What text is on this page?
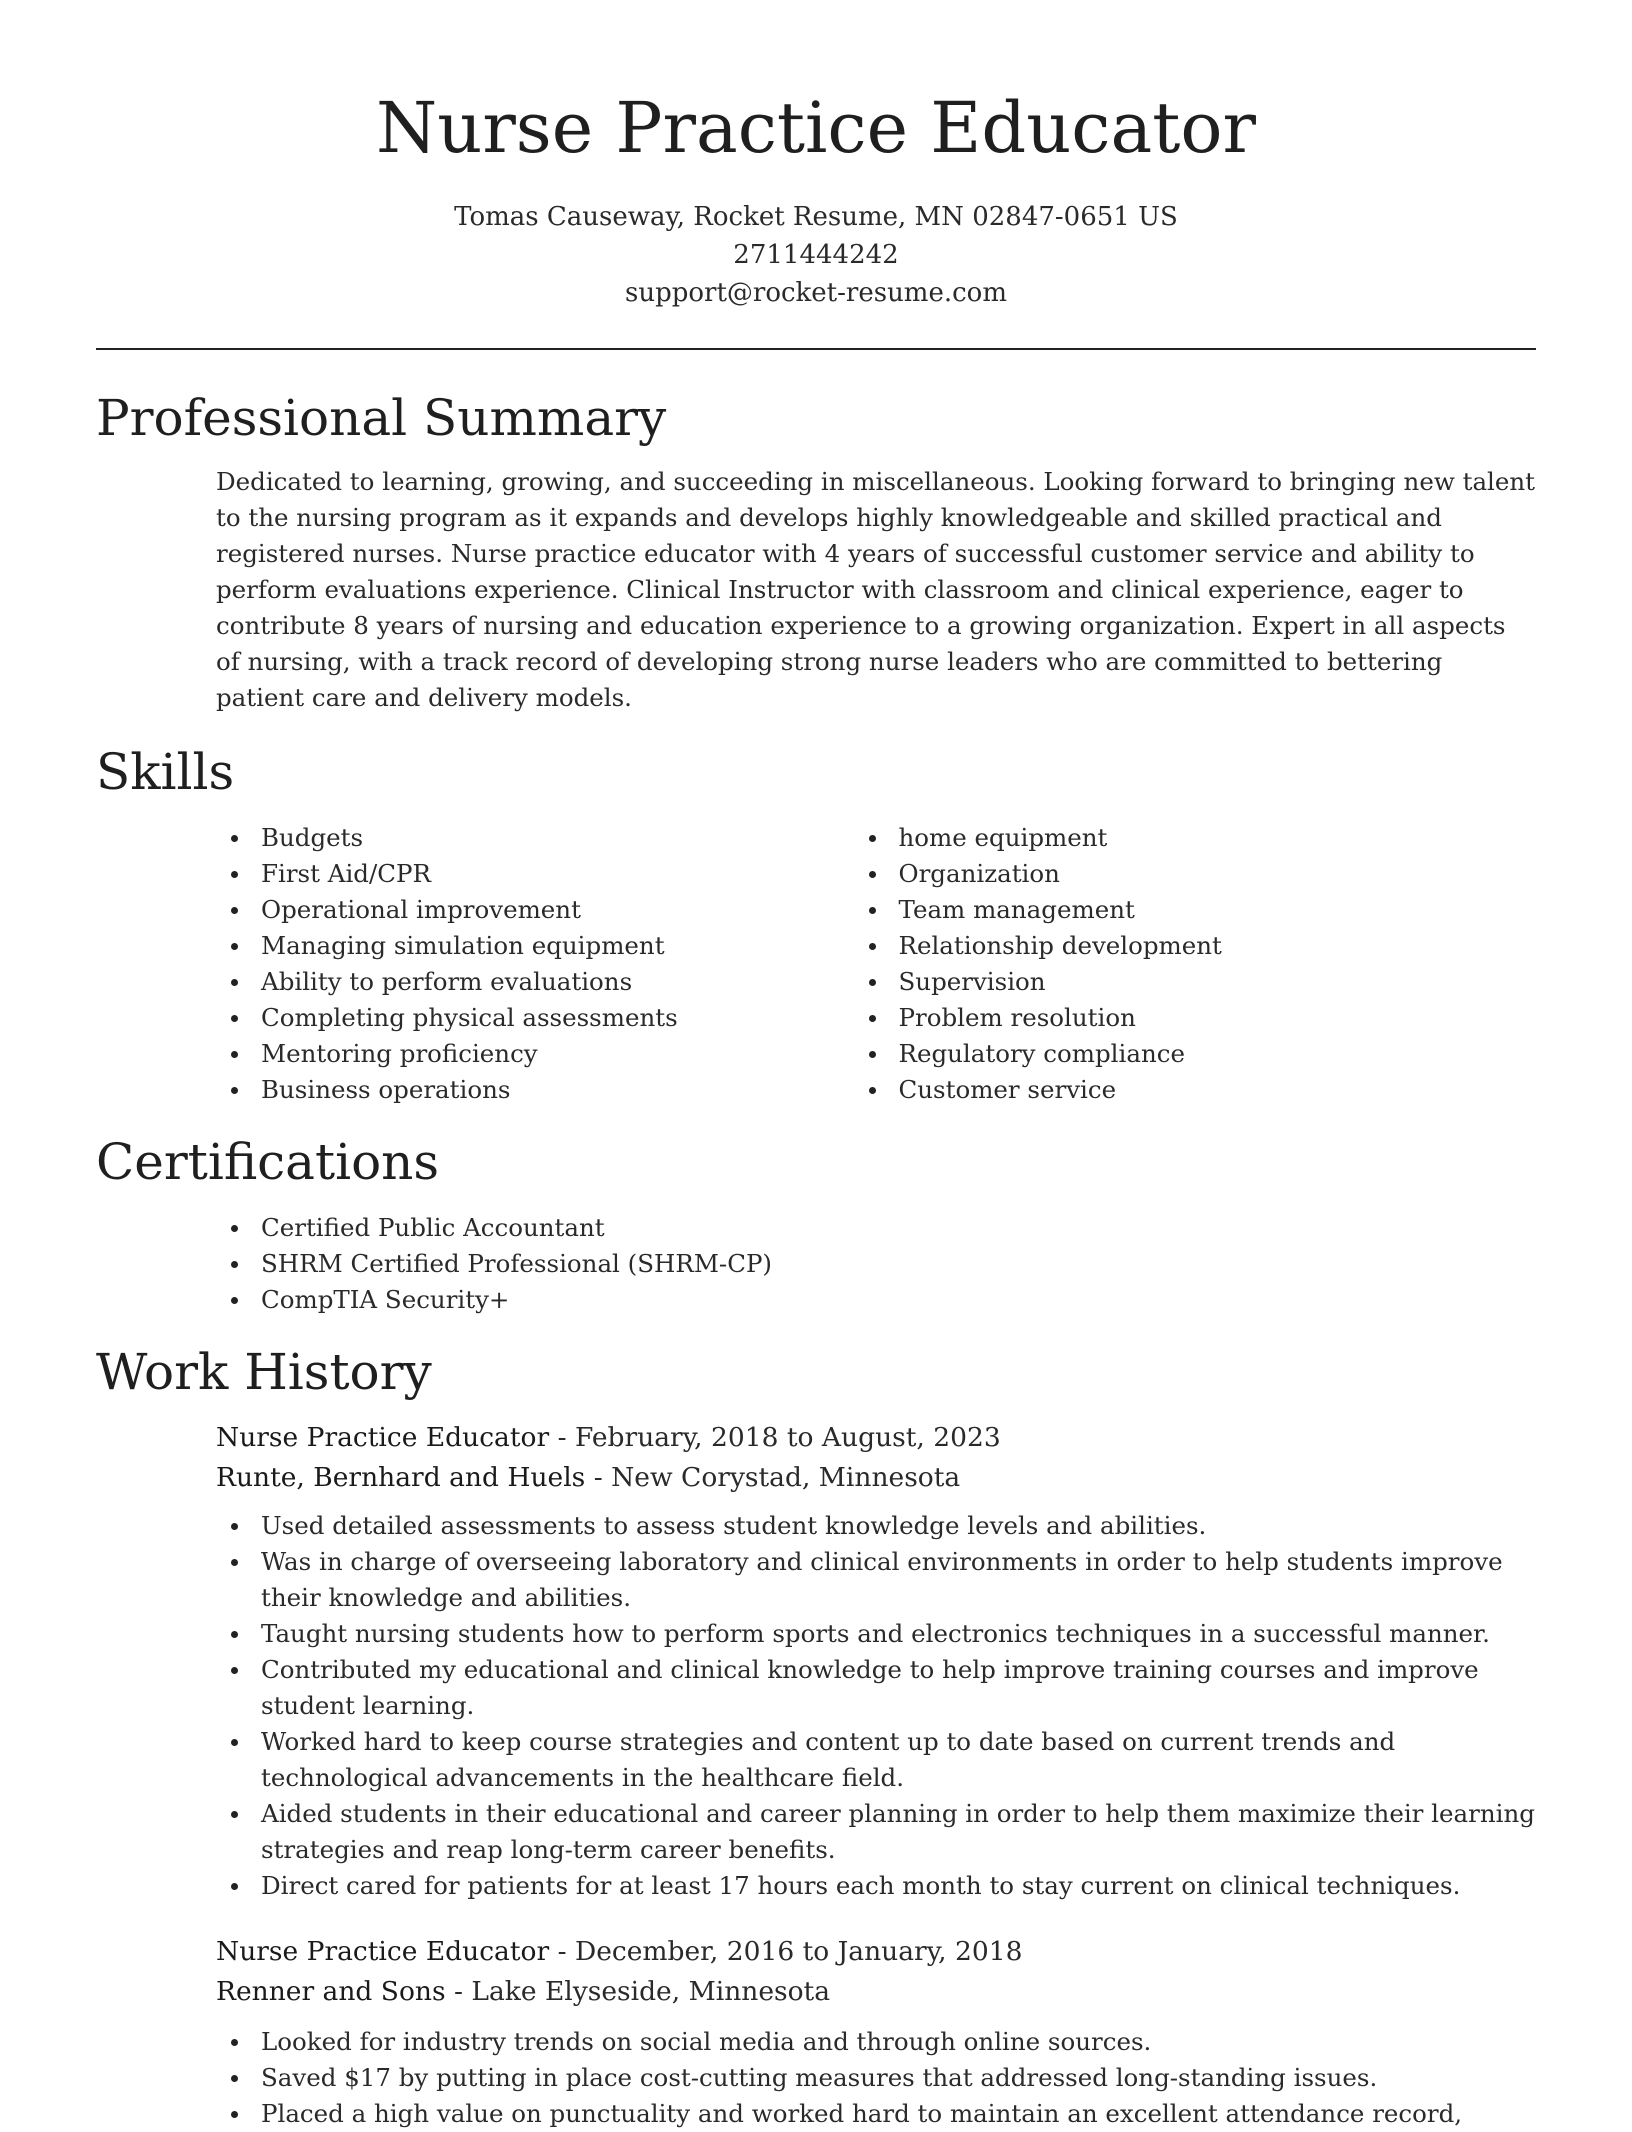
Nurse Practice Educator
Tomas Causeway, Rocket Resume, MN 02847-0651 US
2711444242
support@rocket-resume.com
Professional Summary
Dedicated to learning, growing, and succeeding in miscellaneous. Looking forward to bringing new talent to the nursing program as it expands and develops highly knowledgeable and skilled practical and registered nurses. Nurse practice educator with 4 years of successful customer service and ability to perform evaluations experience. Clinical Instructor with classroom and clinical experience, eager to contribute 8 years of nursing and education experience to a growing organization. Expert in all aspects of nursing, with a track record of developing strong nurse leaders who are committed to bettering patient care and delivery models.
Skills
Budgets
First Aid/CPR
Operational improvement
Managing simulation equipment
Ability to perform evaluations
Completing physical assessments
Mentoring proficiency
Business operations
home equipment
Organization
Team management
Relationship development
Supervision
Problem resolution
Regulatory compliance
Customer service
Certifications
Certified Public Accountant
SHRM Certified Professional (SHRM-CP)
CompTIA Security+
Work History
Nurse Practice Educator - February, 2018 to August, 2023
Runte, Bernhard and Huels - New Corystad, Minnesota
Used detailed assessments to assess student knowledge levels and abilities.
Was in charge of overseeing laboratory and clinical environments in order to help students improve their knowledge and abilities.
Taught nursing students how to perform sports and electronics techniques in a successful manner.
Contributed my educational and clinical knowledge to help improve training courses and improve student learning.
Worked hard to keep course strategies and content up to date based on current trends and technological advancements in the healthcare field.
Aided students in their educational and career planning in order to help them maximize their learning strategies and reap long-term career benefits.
Direct cared for patients for at least 17 hours each month to stay current on clinical techniques.
Nurse Practice Educator - December, 2016 to January, 2018
Renner and Sons - Lake Elyseside, Minnesota
Looked for industry trends on social media and through online sources.
Saved $17 by putting in place cost-cutting measures that addressed long-standing issues.
Placed a high value on punctuality and worked hard to maintain an excellent attendance record,
